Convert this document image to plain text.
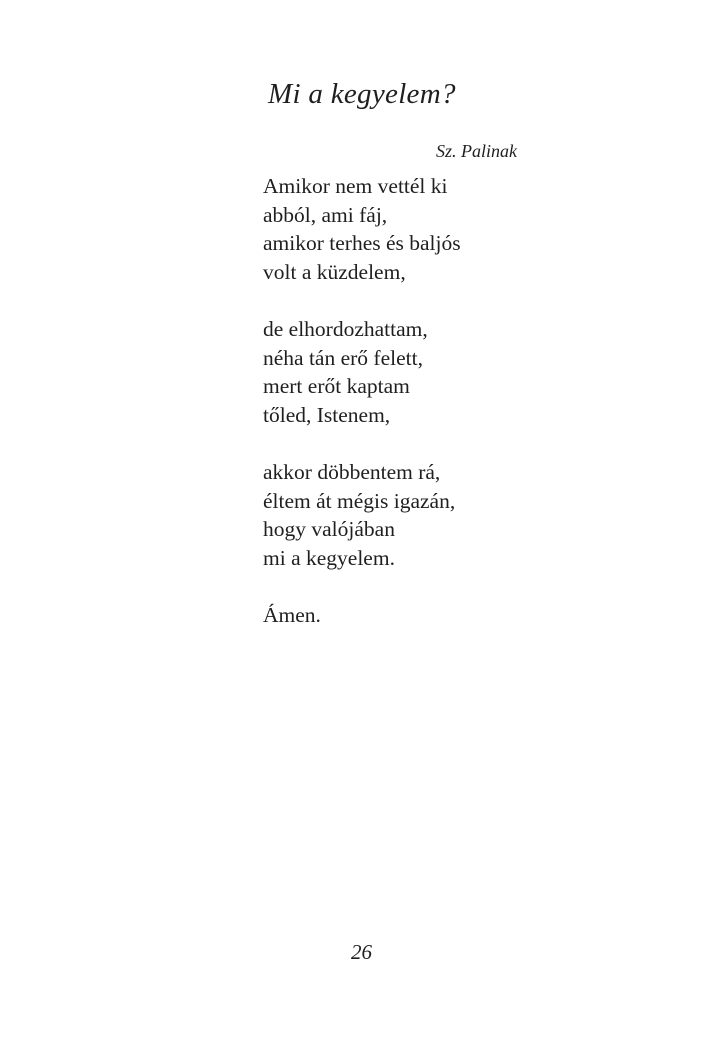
Mi a kegyelem?
Sz. Palinak
Amikor nem vettél ki
abból, ami fáj,
amikor terhes és baljós
volt a küzdelem,
de elhordozhattam,
néha tán erő felett,
mert erőt kaptam
tőled, Istenem,
akkor döbbentem rá,
éltem át mégis igazán,
hogy valójában
mi a kegyelem.
Ámen.
26
